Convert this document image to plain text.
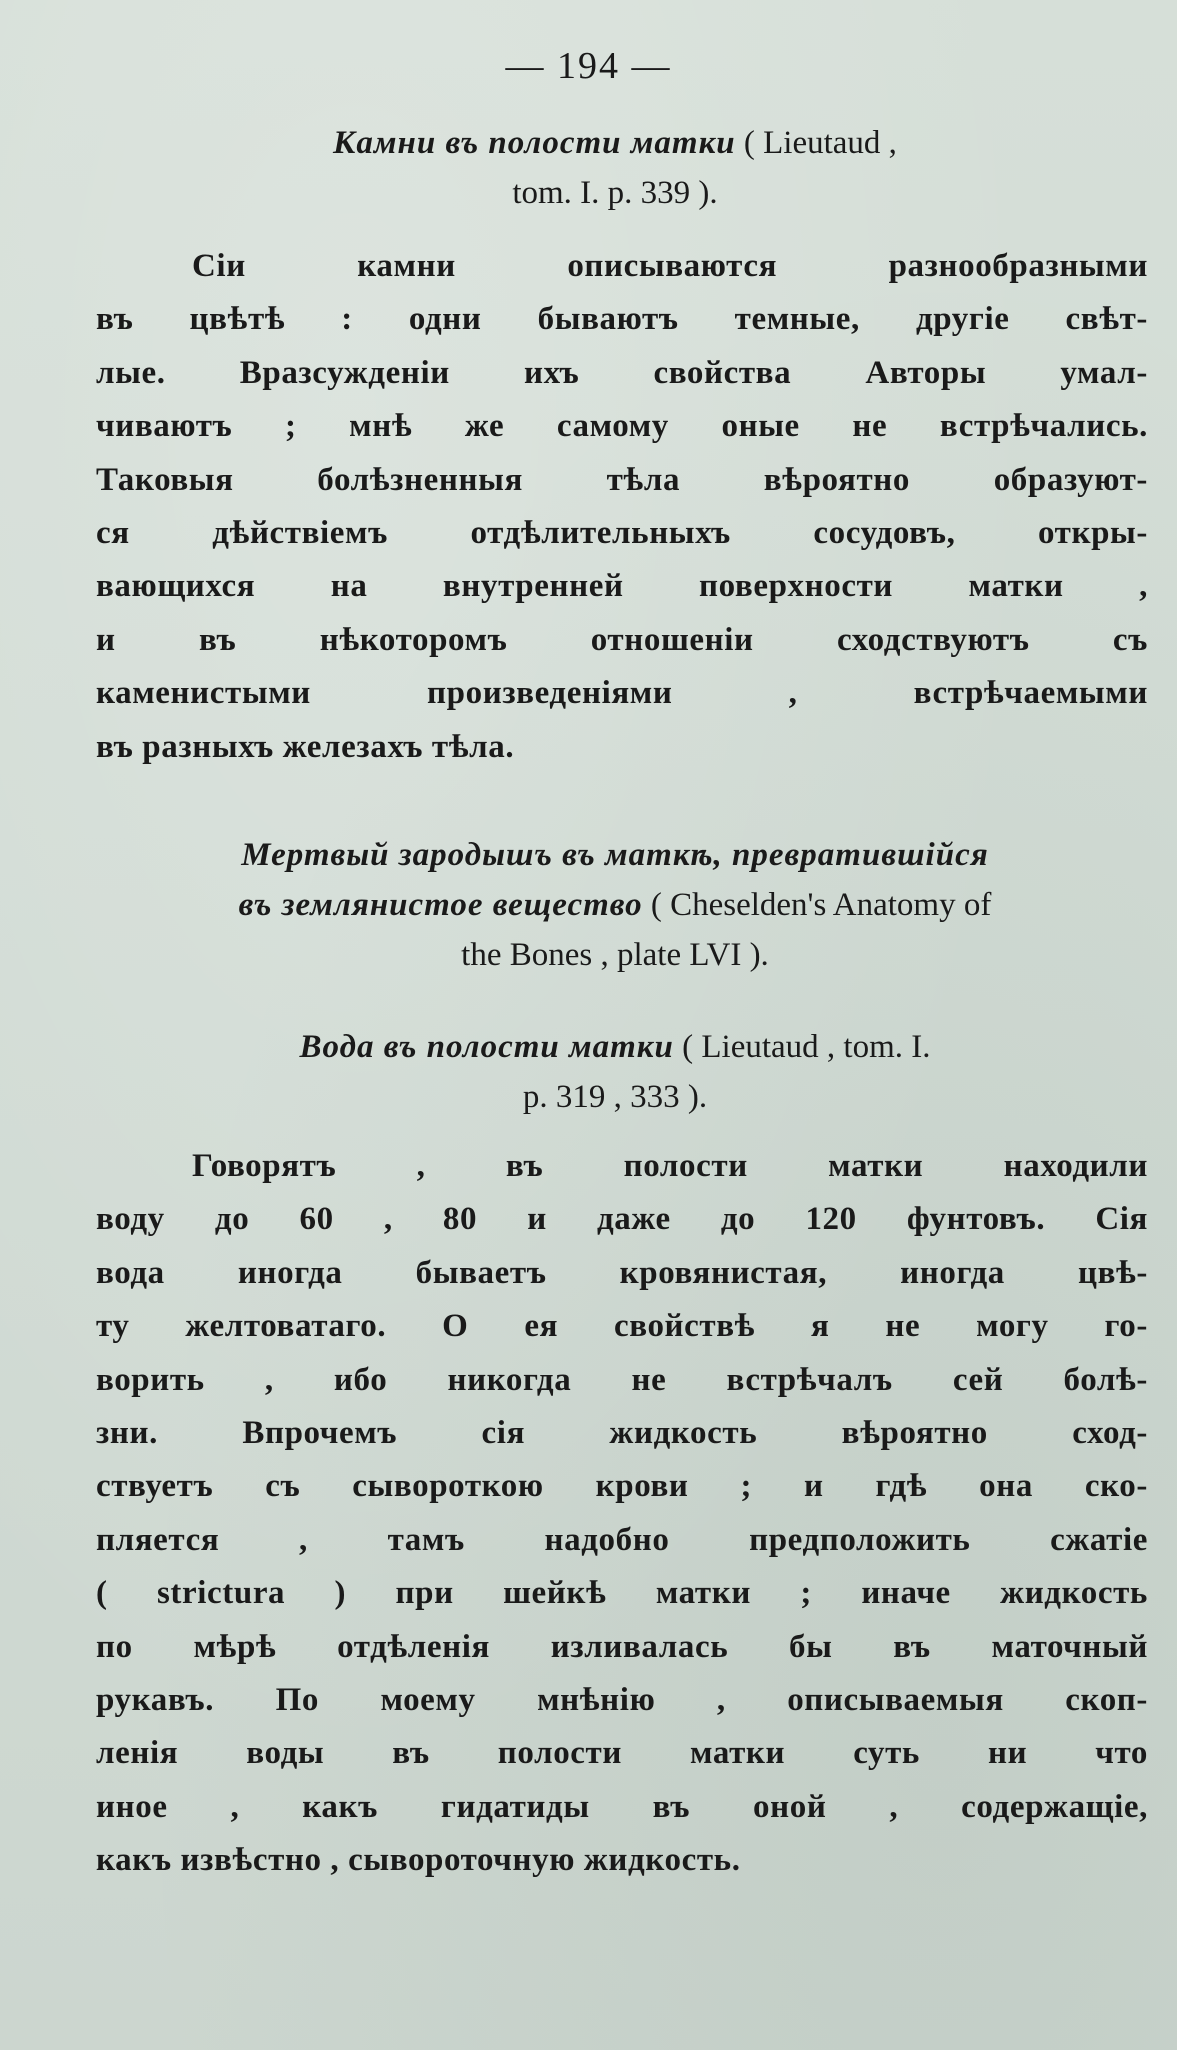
— 194 —
Камни въ полости матки ( Lieutaud ,
tom. I. p. 339 ).
Сіи камни описываются разнообразными
въ цвѣтѣ : одни бываютъ темные, другіе свѣт-
лые. Вразсужденіи ихъ свойства Авторы умал-
чиваютъ ; мнѣ же самому оные не встрѣчались.
Таковыя болѣзненныя тѣла вѣроятно образуют-
ся дѣйствіемъ отдѣлительныхъ сосудовъ, откры-
вающихся на внутренней поверхности матки ,
и въ нѣкоторомъ отношеніи сходствуютъ съ
каменистыми произведеніями , встрѣчаемыми
въ разныхъ железахъ тѣла.
Мертвый зародышъ въ маткѣ, превратившійся
въ землянистое вещество ( Cheselden's Anatomy of
the Bones , plate LVI ).
Вода въ полости матки ( Lieutaud , tom. I.
p. 319 , 333 ).
Говорятъ , въ полости матки находили
воду до 60 , 80 и даже до 120 фунтовъ. Сія
вода иногда бываетъ кровянистая, иногда цвѣ-
ту желтоватаго. О ея свойствѣ я не могу го-
ворить , ибо никогда не встрѣчалъ сей болѣ-
зни. Впрочемъ сія жидкость вѣроятно сход-
ствуетъ съ сывороткою крови ; и гдѣ она ско-
пляется , тамъ надобно предположить сжатіе
( strictura ) при шейкѣ матки ; иначе жидкость
по мѣрѣ отдѣленія изливалась бы въ маточный
рукавъ. По моему мнѣнію , описываемыя скоп-
ленія воды въ полости матки суть ни что
иное , какъ гидатиды въ оной , содержащіе,
какъ извѣстно , сывороточную жидкость.
